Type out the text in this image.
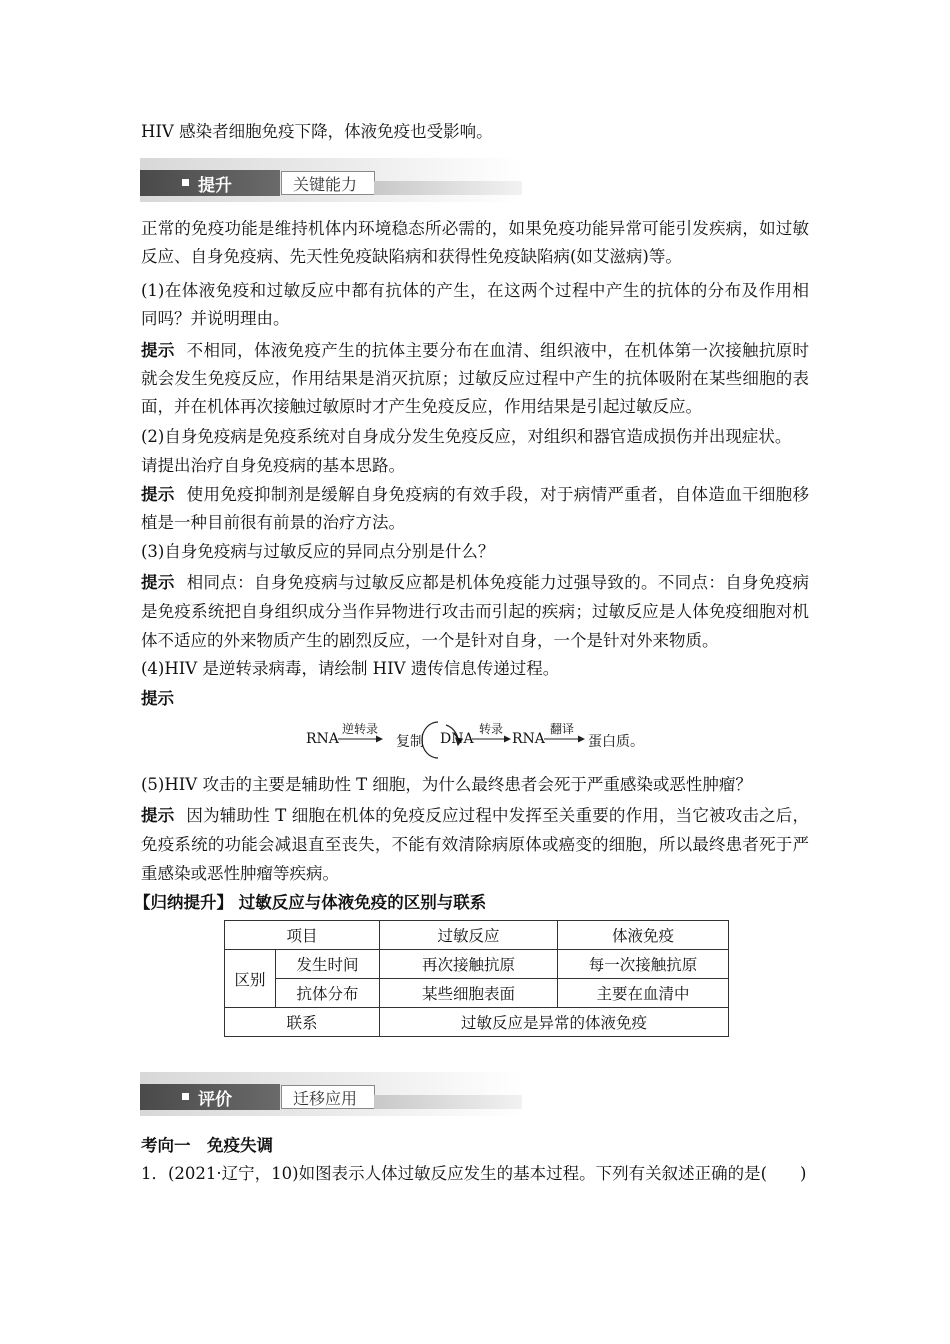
HIV 感染者细胞免疫下降，体液免疫也受影响。
提升	关键能力
正常的免疫功能是维持机体内环境稳态所必需的，如果免疫功能异常可能引发疾病，如过敏
反应、自身免疫病、先天性免疫缺陷病和获得性免疫缺陷病(如艾滋病)等。
(1)在体液免疫和过敏反应中都有抗体的产生，在这两个过程中产生的抗体的分布及作用相
同吗？并说明理由。
提示 不相同，体液免疫产生的抗体主要分布在血清、组织液中，在机体第一次接触抗原时
就会发生免疫反应，作用结果是消灭抗原；过敏反应过程中产生的抗体吸附在某些细胞的表
面，并在机体再次接触过敏原时才产生免疫反应，作用结果是引起过敏反应。
(2)自身免疫病是免疫系统对自身成分发生免疫反应，对组织和器官造成损伤并出现症状。
请提出治疗自身免疫病的基本思路。
提示 使用免疫抑制剂是缓解自身免疫病的有效手段，对于病情严重者，自体造血干细胞移
植是一种目前很有前景的治疗方法。
(3)自身免疫病与过敏反应的异同点分别是什么？
提示 相同点：自身免疫病与过敏反应都是机体免疫能力过强导致的。不同点：自身免疫病
是免疫系统把自身组织成分当作异物进行攻击而引起的疾病；过敏反应是人体免疫细胞对机
体不适应的外来物质产生的剧烈反应，一个是针对自身，一个是针对外来物质。
(4)HIV 是逆转录病毒，请绘制 HIV 遗传信息传递过程。
提示
RNA
逆转录
复制 DNA
转录
RNA
翻译
蛋白质。
(5)HIV 攻击的主要是辅助性 T 细胞，为什么最终患者会死于严重感染或恶性肿瘤？
提示 因为辅助性 T 细胞在机体的免疫反应过程中发挥至关重要的作用，当它被攻击之后，
免疫系统的功能会减退直至丧失，不能有效清除病原体或癌变的细胞，所以最终患者死于严
重感染或恶性肿瘤等疾病。
【归纳提升】 过敏反应与体液免疫的区别与联系
项目		过敏反应	体液免疫
区别	发生时间	再次接触抗原	每一次接触抗原
	抗体分布	某些细胞表面	主要在血清中
联系		过敏反应是异常的体液免疫	
评价	迁移应用
考向一　免疫失调
1．(2021·辽宁，10)如图表示人体过敏反应发生的基本过程。下列有关叙述正确的是(　　)
